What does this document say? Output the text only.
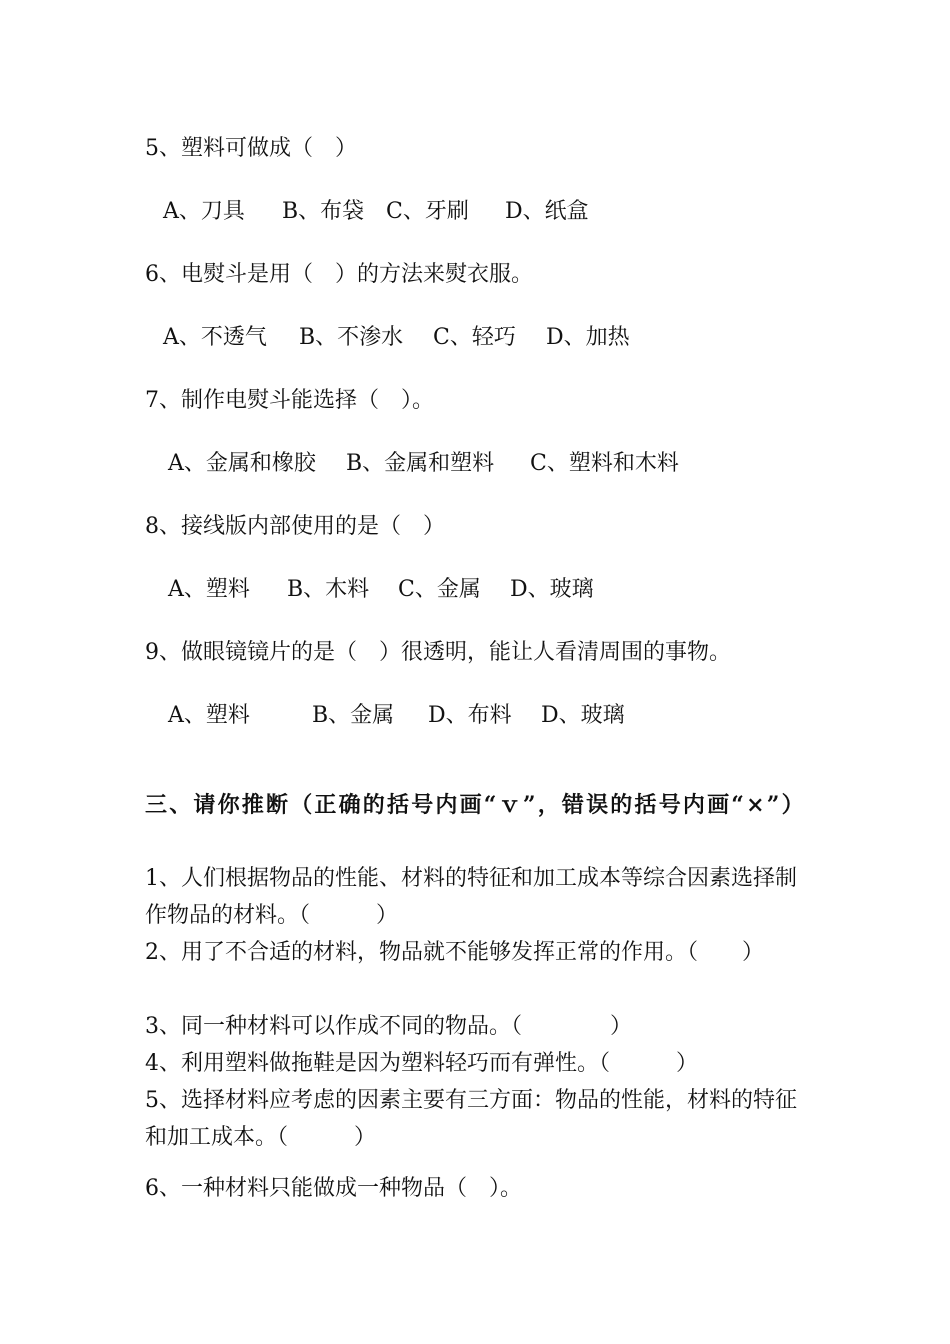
5、塑料可做成（　）
A、刀具 B、布袋 C、牙刷 D、纸盒
6、电熨斗是用（　）的方法来熨衣服。
A、不透气 B、不渗水 C、轻巧 D、加热
7、制作电熨斗能选择（　）。
A、金属和橡胶 B、金属和塑料 C、塑料和木料
8、接线版内部使用的是（　）
A、塑料 B、木料 C、金属 D、玻璃
9、做眼镜镜片的是（　）很透明，能让人看清周围的事物。
A、塑料	B、金属 D、布料 D、玻璃
三、请你推断（正确的括号内画“ｖ”，错误的括号内画“×”）
1、人们根据物品的性能、材料的特征和加工成本等综合因素选择制作物品的材料。（　　　）
2、用了不合适的材料，物品就不能够发挥正常的作用。（　　）
3、同一种材料可以作成不同的物品。（　　　　）
4、利用塑料做拖鞋是因为塑料轻巧而有弹性。（　　　）
5、选择材料应考虑的因素主要有三方面：物品的性能，材料的特征和加工成本。（　　　）
6、一种材料只能做成一种物品（　）。
